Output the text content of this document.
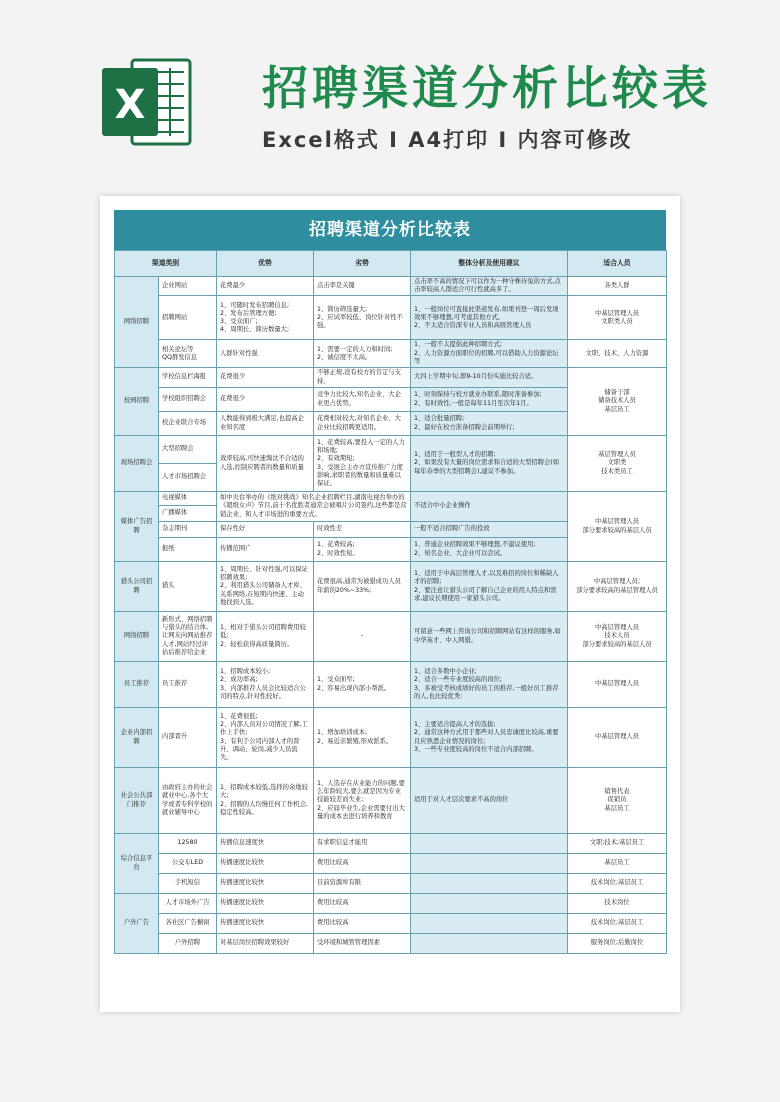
X	招聘渠道分析比较表
Excel格式 I A4打印 I 内容可修改
招聘渠道分析比较表
渠道类别		优势	劣势	整体分析及使用建议	适合人员
网络招聘	企业网站	花费最少	点击率是关键	点击率不高的情况下可以作为一种守株待兔的方式,点击率较高人群适合可行性就高多了。	各类人群
	招聘网站	1、可随时发布招聘信息;
2、发布后管理方便;
3、受众面广;
4、周期长、简历数量大;	1、简历筛选量大;
2、应试率较低、岗位针对性不强。	1、一般岗位可直接此渠道发布,如果刊登一周后发现效果不够理想,可考虑其他方式。
2、不太适合资深专业人员和高级管理人员	中基层管理人员
文职类人员
	相关论坛等
QQ群发信息	人群针对性强	1、需要一定的人力和时间;
2、诚信度不太高。	1、一般不太提倡此种招聘方式;
2、人力资源方面职位的招聘,可以借助人力资源论坛等	文职、技术、人力资源
校园招聘	学校信息栏海报	花费很少	不够正规,没有校方的肯定与支持。	大四上学期中旬,即9-10月份实施比较合适。	储备干部
储备技术人员
基层员工
	学校组织招聘会	花费很少	竞争力比较大,知名企业、大企业更占优势。	1、时刻保持与校方就业办联系,随时准备参加;
2、有时效性,一般是每年11月至次年1月。	
	校企业联合专场	人数能得到极大满足,也提高企业知名度	花费相对较大,对知名企业、大企业比较招聘更适用。	1、适合批量招聘;
2、最好在校方准备招聘会前期举行;	
现场招聘会	大型招聘会	效率较高,可快速淘汰不合适的人选,控制应聘者的数量和质量	1、花费较高,要投入一定的人力和场地;
2、有效期短;
3、受展会主办方宣传推广力度影响,求职者的数量和质量难以保证。	1、适用于一般型人才的招聘;
2、如果没有大量的岗位需求和合适的大型招聘会(如每年春季的大型招聘会),建议不参加。	基层管理人员
文职类
技术类员工
	人才市场招聘会				
媒体广告招聘	电视媒体	如中央台举办的《绝对挑战》知名企业招聘栏目,湖南电视台举办的《超级女声》节目,前十名优胜者通常会被唱片公司签约,这些都是营销企业、和人才市场进的重要方式。		不适合中小企业操作	中基层管理人员
部分要求较高的基层人员
	广播媒体				
	杂志期刊	保存性好	时效性差	一般不适合招聘广告的投放	
	报纸	传播范围广	1、花费较高;
2、时效性短。	1、普通企业招聘效果不够理想,不建议使用;
2、知名企业、大企业可以尝试。	
猎头公司招聘	猎头	1、周期长、针对性强,可以保证招聘效果;
2、利用猎头公司储备人才库、关系网络,在短期内快速、主动地找到人选。	花费很高,通常为被猎成功人员年薪的20%~33%;	1、适用于中高层管理人才,以及难招的岗位和稀缺人才的招聘;
2、要注意让猎头公司了解自己企业的用人特点和需求,建议长期使用一家猎头公司。	中高层管理人员;
部分要求较高的基层管理人员
网络招聘	新形式、网络招聘与猎头的结合体,让网友向网站推荐人才,网站经过评估后推荐给企业	1、相对于猎头公司招聘费用较低;
2、轻松获得高质量简历。	-	可留意一些网上咨询公司和招聘网站有这样的服务,如中华英才、中人网猎。	中高层管理人员
技术人员
部分要求较高的基层人员
员工推荐	员工推荐	1、招聘成本较小;
2、成功率高;
3、内部推荐人员会比较适合公司的特点,针对性较好。	1、受众面窄;
2、容易出现内部小帮派。	1、适合多数中小企业;
2、适合一些专业度较高的岗位;
3、多被受考核成绩好的员工的推荐,一般好员工推荐的人,也比较优秀;	中基层管理人员
企业内部招聘	内部晋升	1、花费很低;
2、内部人员对公司情况了解,工作上手快;
3、有利于公司内部人才的晋升、调动、轮岗,减少人员流失。	1、增加培训成本;
2、易近亲繁殖,形成派系。	1、主要适合提高人才的选拔;
2、通常这种方式用于那些对人员忠诚度比较高,重要且应熟悉企业情况的岗位;
3、一些专业度较高的岗位不适合内部招聘。	中基层管理人员
社会公共部门推荐	由政府主办的社会就业中心,各个大学或者专科学校的就业辅导中心	1、招聘成本较低,选择的余地较大;
2、招聘的人均慢任何工作机会,稳定性较高。	1、人选存在从业能力的问题,要么年龄较大,要么就是因为专业技能较差而失业;
2、应届毕业生,企业需要付出大量的成本去进行培养和教育	适用于对人才层次要求不高的岗位	销售代表
促销员
基层员工
综合信息平台	12580	传播信息速度快	有求职信息才能用		文职;技术;基层员工
	公交车LED	传播速度比较快	费用比较高		基层员工
	手机短信	传播速度比较快	目前资源库有限		技术岗位;基层员工
户外广告	人才市场外广告	传播速度比较快	费用比较高		技术岗位
	各社区广告橱窗	传播速度比较快	费用比较高		技术岗位;基层员工
	户外招聘	对基层岗位招聘效果较好	受环境和城管管理因素		服务岗位;后勤岗位
